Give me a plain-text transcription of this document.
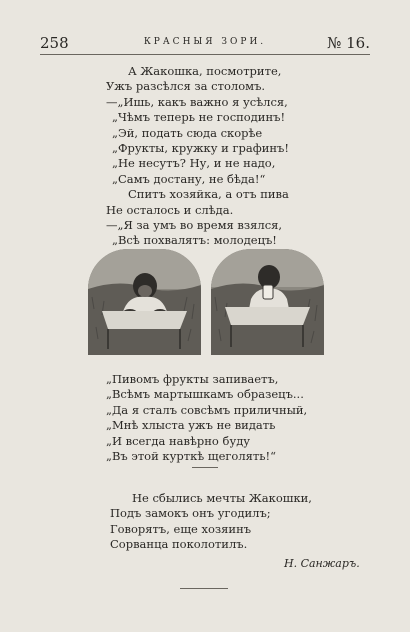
258	КРАСНЫЯ ЗОРИ.	№ 16.
А Жакошка, посмотрите,
Ужъ разсѣлся за столомъ.
—„Ишь, какъ важно я усѣлся,
„Чѣмъ теперь не господинъ!
„Эй, подать сюда скорѣе
„Фрукты, кружку и графинъ!
„Не несутъ? Ну, и не надо,
„Самъ достану, не бѣда!“
Спитъ хозяйка, а отъ пива
Не осталось и слѣда.
—„Я за умъ во время взялся,
„Всѣ похвалятъ: молодецъ!
„Пивомъ фрукты запиваетъ,
„Всѣмъ мартышкамъ образецъ...
„Да я сталъ совсѣмъ приличный,
„Мнѣ хлыста ужъ не видать
„И всегда навѣрно буду
„Въ этой курткѣ щеголять!“
Не сбылись мечты Жакошки,
Подъ замокъ онъ угодилъ;
Говорятъ, еще хозяинъ
Сорванца поколотилъ.
Н. Санжаръ.
